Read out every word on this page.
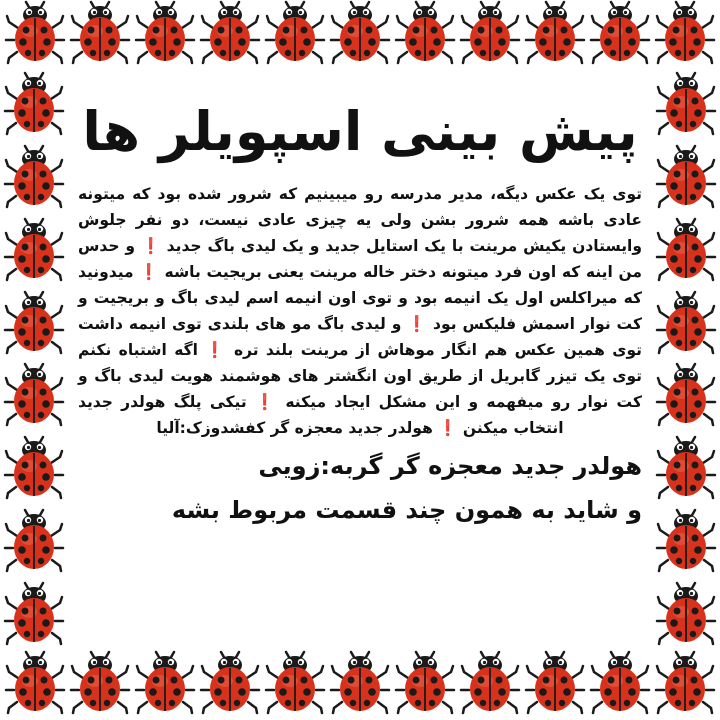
پیش بینی اسپویلر ها
توی یک عکس دیگه، مدیر مدرسه رو میبینیم که شرور شده بود که میتونه عادی باشه همه شرور بشن ولی یه چیزی عادی نیست، دو نفر جلوش وایستادن یکیش مرینت با یک استایل جدید و یک لیدی باگ جدید ❗ و حدس من اینه که اون فرد میتونه دختر خاله مرینت یعنی بریجیت باشه ❗ میدونید که میراکلس اول یک انیمه بود و توی اون انیمه اسم لیدی باگ و بریجیت و کت نوار اسمش فلیکس بود ❗ و لیدی باگ مو های بلندی توی انیمه داشت توی همین عکس هم انگار موهاش از مرینت بلند تره ❗ اگه اشتباه نکنم توی یک تیزر گابریل از طریق اون انگشتر های هوشمند هویت لیدی باگ و کت نوار رو میفهمه و این مشکل ایجاد میکنه ❗ تیکی پلگ هولدر جدید انتخاب میکنن ❗ هولدر جدید معجزه گر کفشدوزک:آلیا
هولدر جدید معجزه گر گربه:زویی
و شاید به همون چند قسمت مربوط بشه
